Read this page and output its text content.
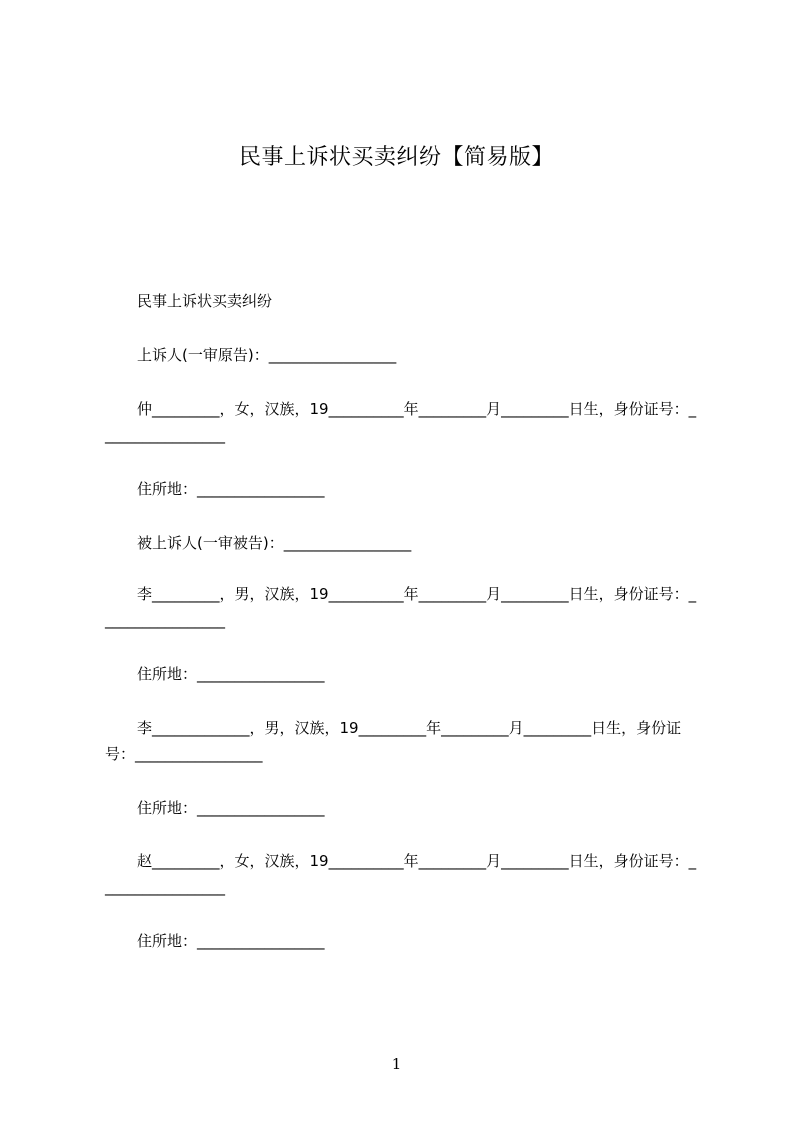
民事上诉状买卖纠纷【简易版】
民事上诉状买卖纠纷
上诉人(一审原告)：_________________
仲_________，女，汉族，19__________年_________月_________日生，身份证号：_________________
住所地：_________________
被上诉人(一审被告)：_________________
李_________，男，汉族，19__________年_________月_________日生，身份证号：_________________
住所地：_________________
李_____________，男，汉族，19_________年_________月_________日生，身份证号：_________________
住所地：_________________
赵_________，女，汉族，19__________年_________月_________日生，身份证号：_________________
住所地：_________________
1
